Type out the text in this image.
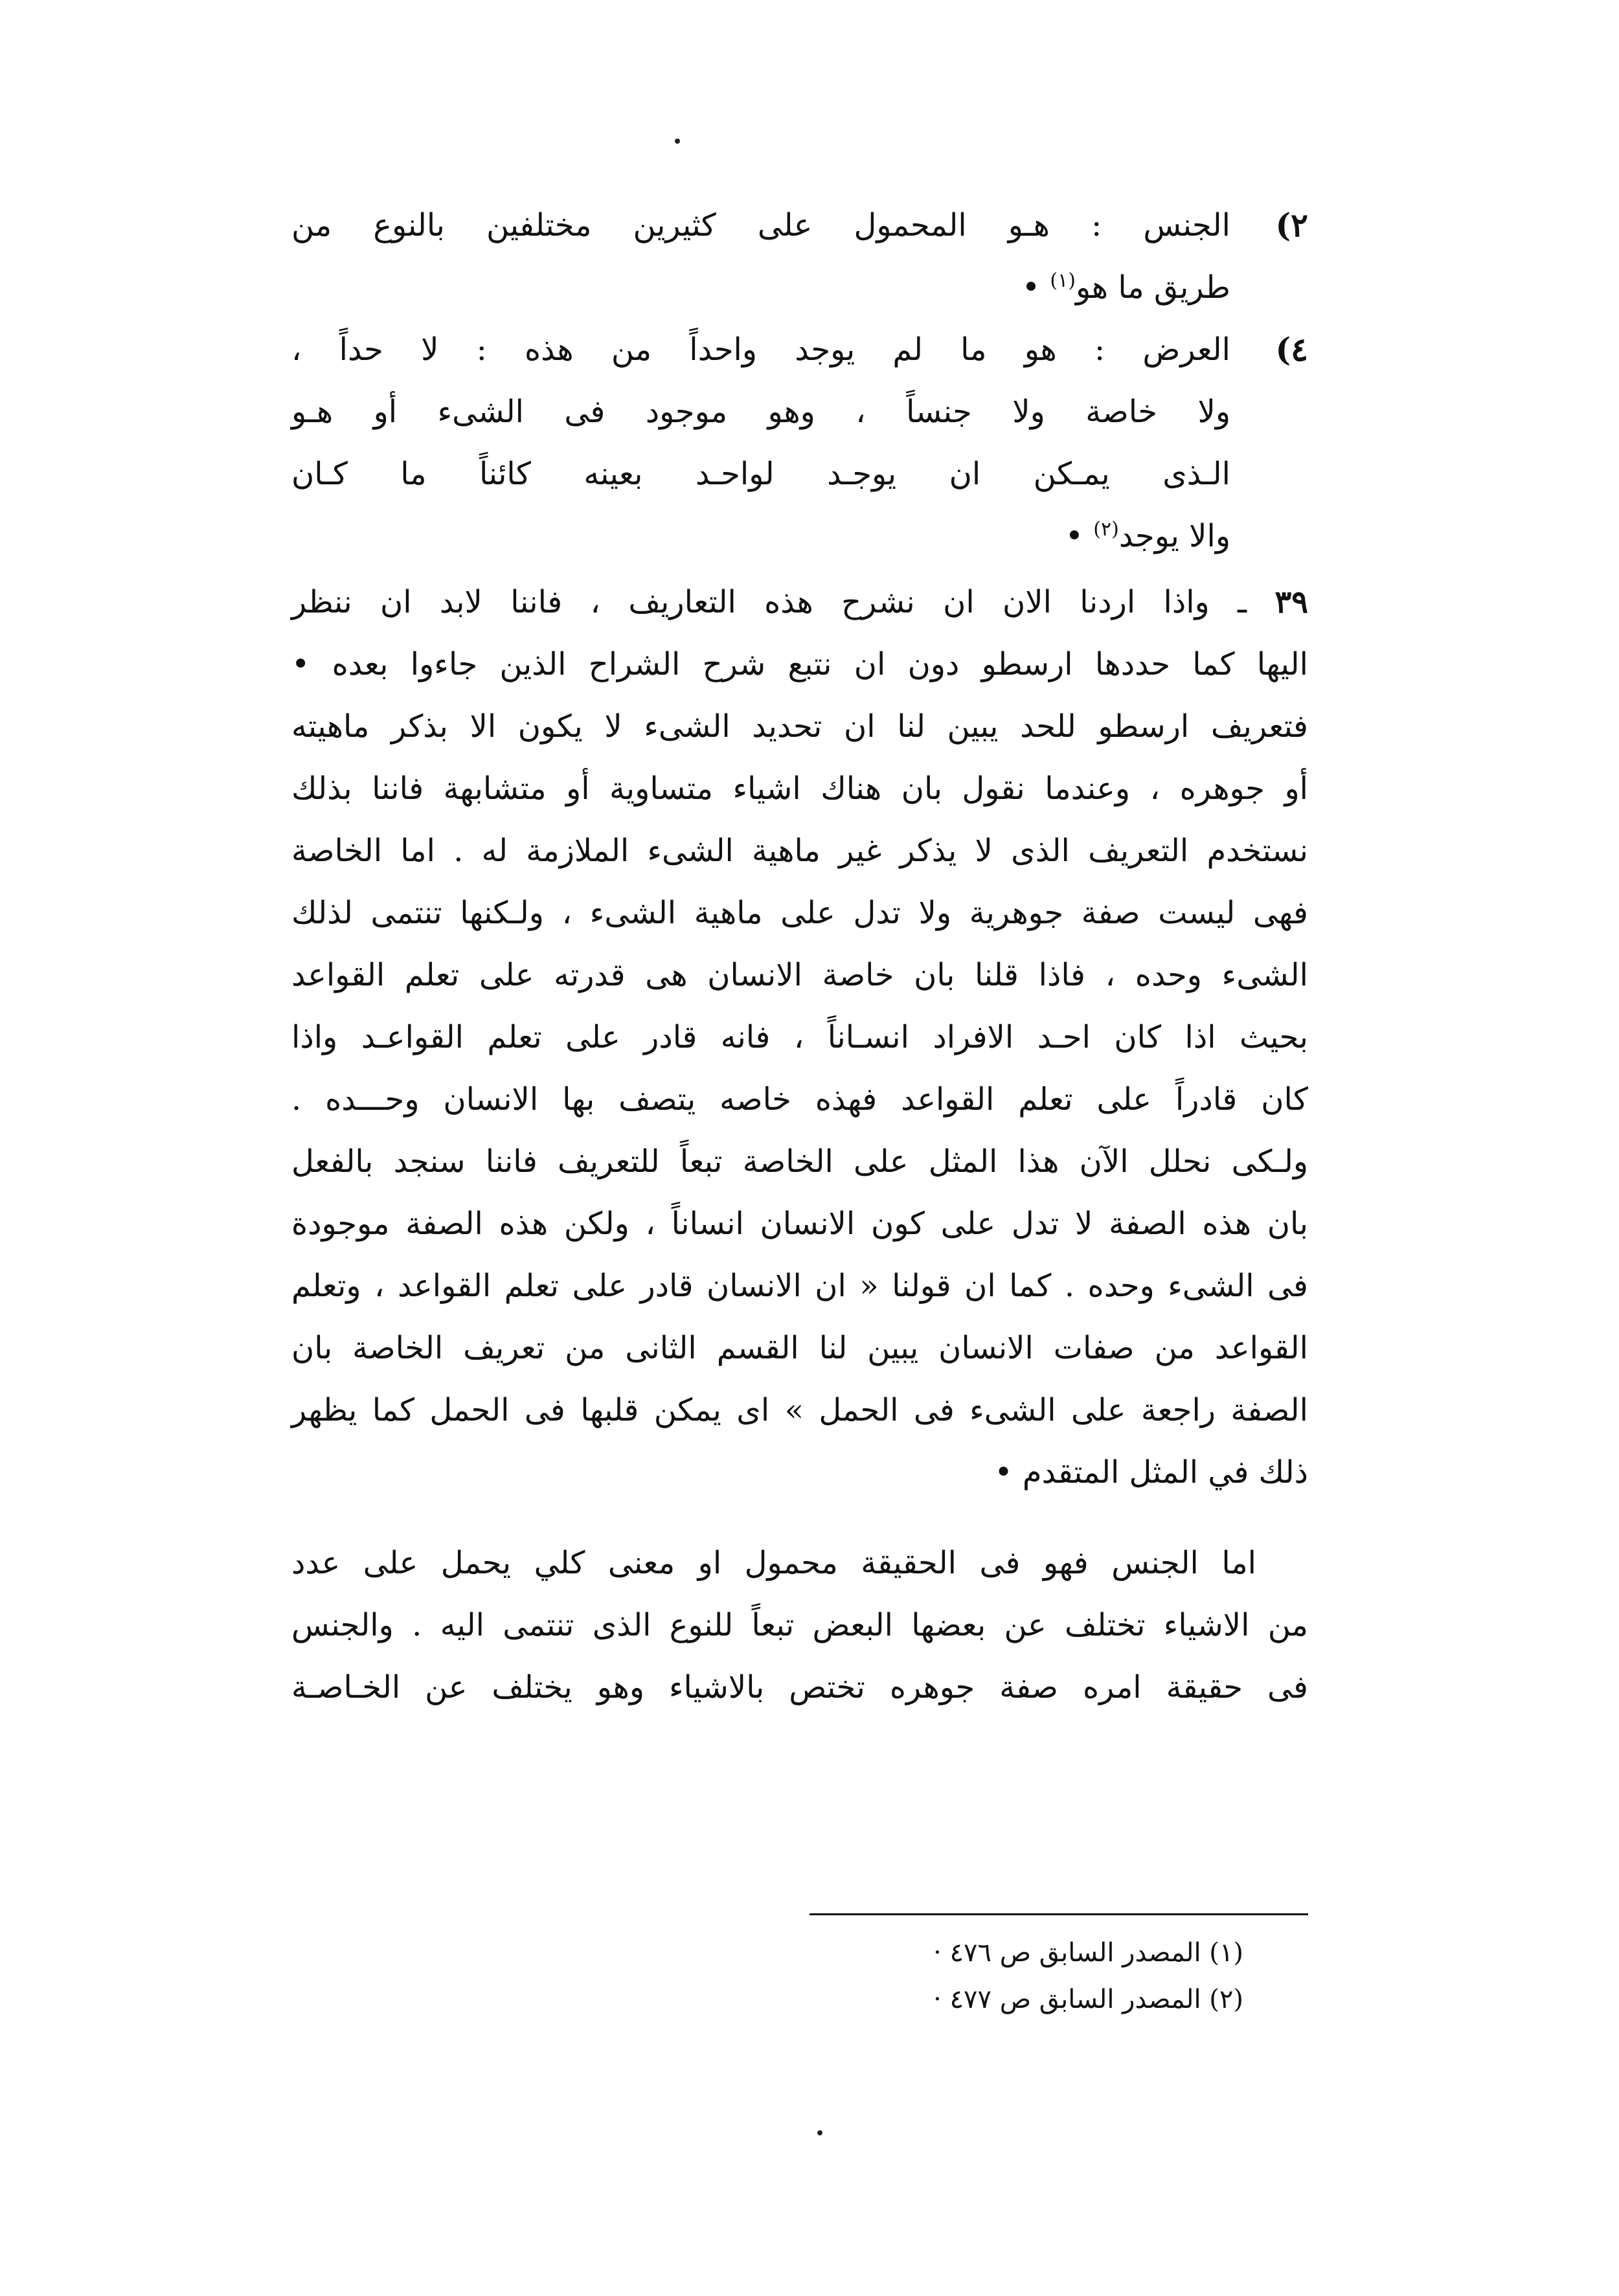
٢)
الجنس : هـو المحمول على كثيرين مختلفين بالنوع من
طريق ما هو$^{(١)}$ •
٤)
العرض : هو ما لم يوجد واحداً من هذه : لا حداً ،
ولا خاصة ولا جنساً ، وهو موجود فى الشىء أو هـو
الـذى يمـكن ان يوجـد لواحـد بعينه كائناً ما كـان
والا يوجد$^{(٢)}$ •
٣٩ ـ واذا اردنا الان ان نشرح هذه التعاريف ، فاننا لابد ان ننظر
اليها كما حددها ارسطو دون ان نتبع شرح الشراح الذين جاءوا بعده •
فتعريف ارسطو للحد يبين لنا ان تحديد الشىء لا يكون الا بذكر ماهيته
أو جوهره ، وعندما نقول بان هناك اشياء متساوية أو متشابهة فاننا بذلك
نستخدم التعريف الذى لا يذكر غير ماهية الشىء الملازمة له . اما الخاصة
فهى ليست صفة جوهرية ولا تدل على ماهية الشىء ، ولـكنها تنتمى لذلك
الشىء وحده ، فاذا قلنا بان خاصة الانسان هى قدرته على تعلم القواعد
بحيث اذا كان احـد الافراد انسـاناً ، فانه قادر على تعلم القواعـد واذا
كان قادراً على تعلم القواعد فهذه خاصه يتصف بها الانسان وحـــده .
ولـكى نحلل الآن هذا المثل على الخاصة تبعاً للتعريف فاننا سنجد بالفعل
بان هذه الصفة لا تدل على كون الانسان انساناً ، ولكن هذه الصفة موجودة
فى الشىء وحده . كما ان قولنا « ان الانسان قادر على تعلم القواعد ، وتعلم
القواعد من صفات الانسان يبين لنا القسم الثانى من تعريف الخاصة بان
الصفة راجعة على الشىء فى الحمل » اى يمكن قلبها فى الحمل كما يظهر
ذلك في المثل المتقدم •
اما الجنس فهو فى الحقيقة محمول او معنى كلي يحمل على عدد
من الاشياء تختلف عن بعضها البعض تبعاً للنوع الذى تنتمى اليه . والجنس
فى حقيقة امره صفة جوهره تختص بالاشياء وهو يختلف عن الخـاصـة
(١) المصدر السابق ص ٤٧٦ ·
(٢) المصدر السابق ص ٤٧٧ ·
